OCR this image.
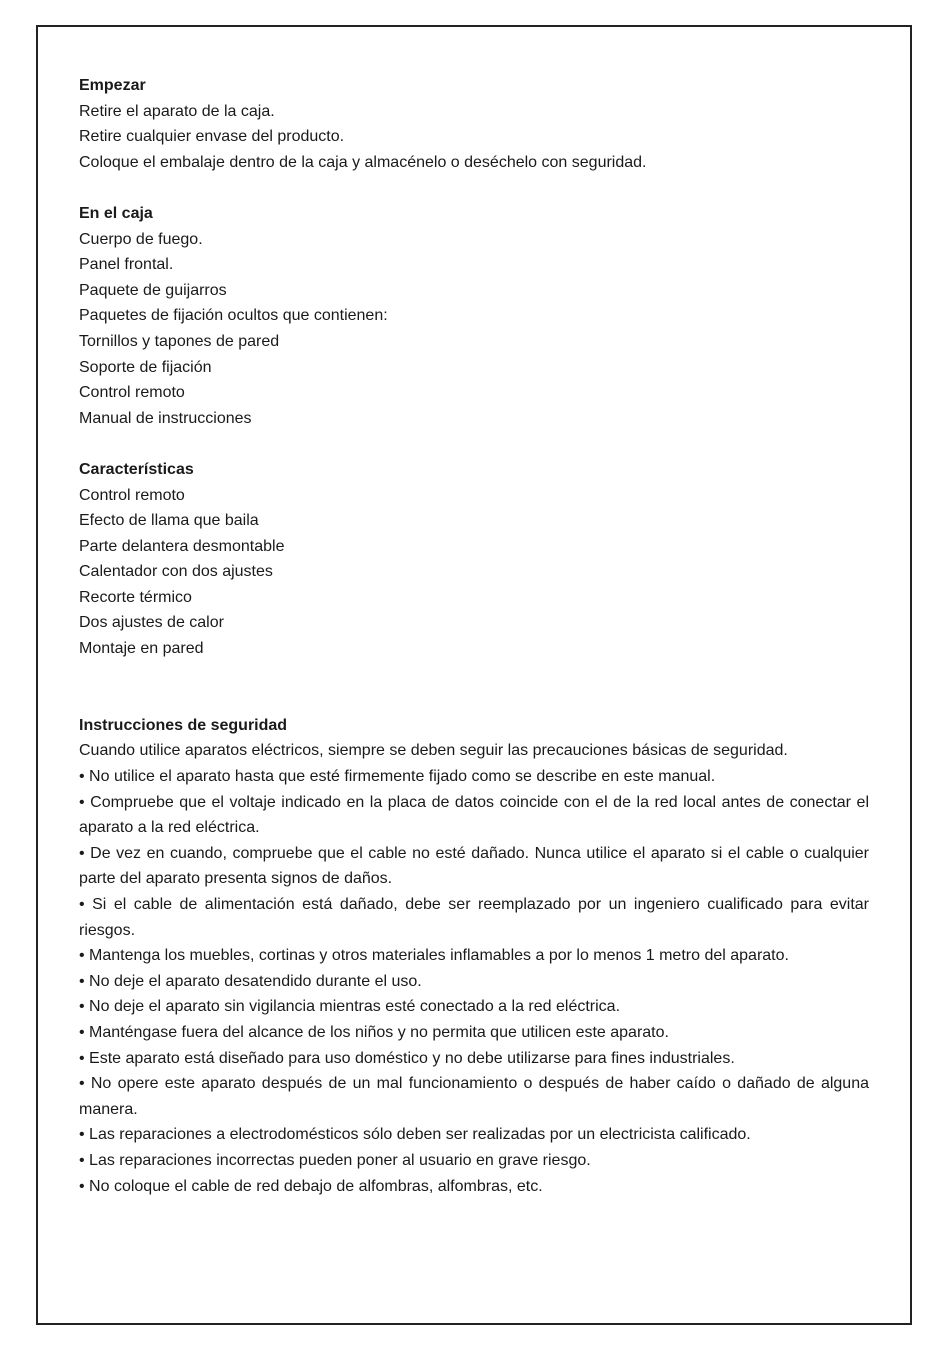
Empezar

Retire el aparato de la caja.

Retire cualquier envase del producto.

Coloque el embalaje dentro de la caja y almacénelo o deséchelo con seguridad.

En el caja

Cuerpo de fuego.

Panel frontal.

Paquete de guijarros

Paquetes de fijación ocultos que contienen:

Tornillos y tapones de pared

Soporte de fijación

Control remoto

Manual de instrucciones

Características

Control remoto

Efecto de llama que baila

Parte delantera desmontable

Calentador con dos ajustes

Recorte térmico

Dos ajustes de calor

Montaje en pared

Instrucciones de seguridad

Cuando utilice aparatos eléctricos, siempre se deben seguir las precauciones básicas de seguridad.

• No utilice el aparato hasta que esté firmemente fijado como se describe en este manual.

• Compruebe que el voltaje indicado en la placa de datos coincide con el de la red local antes de conectar el aparato a la red eléctrica.

• De vez en cuando, compruebe que el cable no esté dañado. Nunca utilice el aparato si el cable o cualquier parte del aparato presenta signos de daños.

• Si el cable de alimentación está dañado, debe ser reemplazado por un ingeniero cualificado para evitar riesgos.

• Mantenga los muebles, cortinas y otros materiales inflamables a por lo menos 1 metro del aparato.

• No deje el aparato desatendido durante el uso.

• No deje el aparato sin vigilancia mientras esté conectado a la red eléctrica.

• Manténgase fuera del alcance de los niños y no permita que utilicen este aparato.

• Este aparato está diseñado para uso doméstico y no debe utilizarse para fines industriales.

• No opere este aparato después de un mal funcionamiento o después de haber caído o dañado de alguna manera.

• Las reparaciones a electrodomésticos sólo deben ser realizadas por un electricista calificado.

• Las reparaciones incorrectas pueden poner al usuario en grave riesgo.

• No coloque el cable de red debajo de alfombras, alfombras, etc.
